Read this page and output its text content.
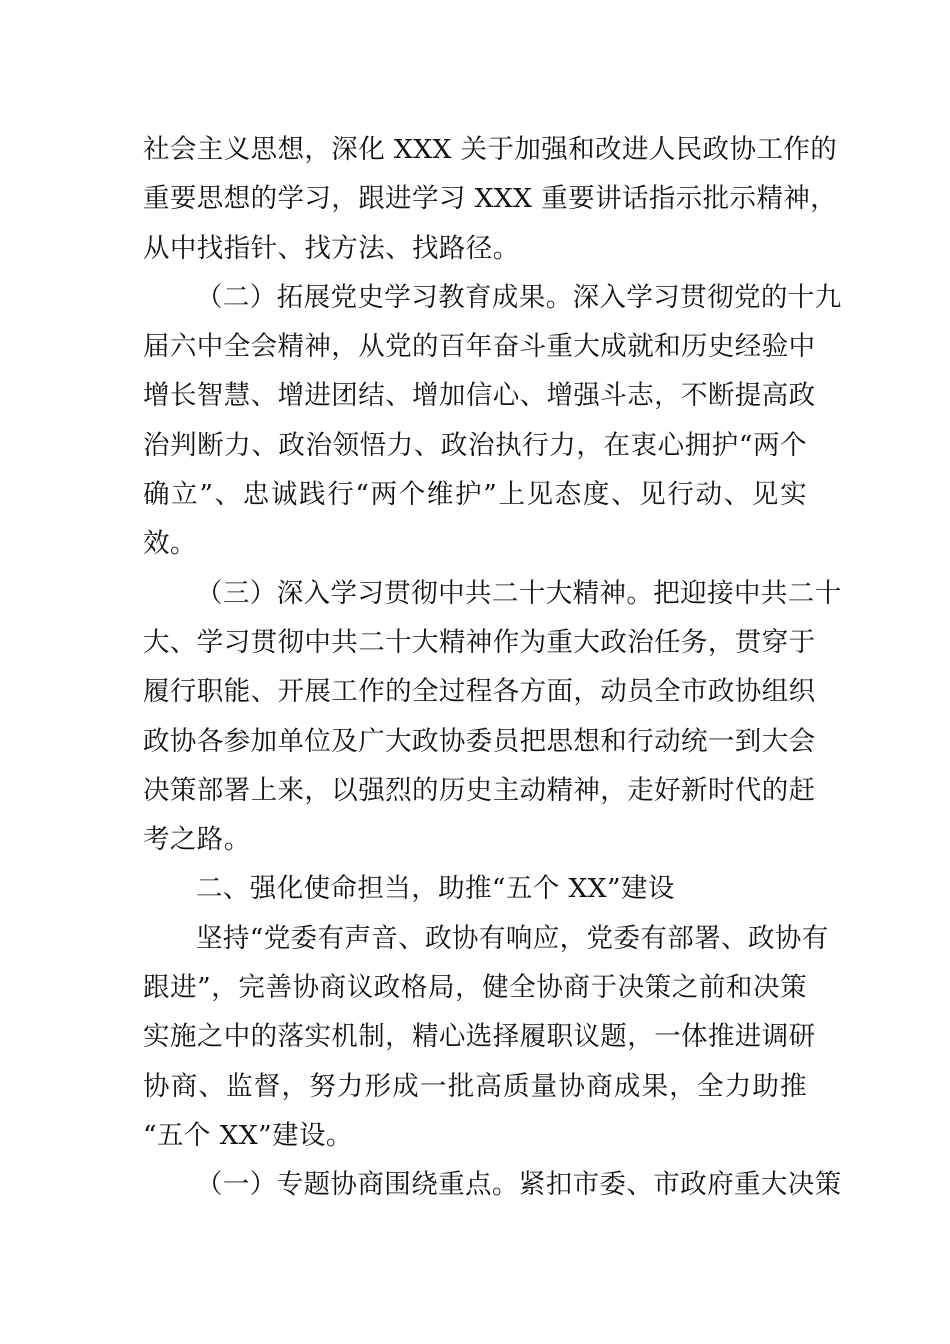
社会主义思想，深化 XXX 关于加强和改进人民政协工作的
重要思想的学习，跟进学习 XXX 重要讲话指示批示精神，
从中找指针、找方法、找路径。

（二）拓展党史学习教育成果。深入学习贯彻党的十九
届六中全会精神，从党的百年奋斗重大成就和历史经验中
增长智慧、增进团结、增加信心、增强斗志，不断提高政
治判断力、政治领悟力、政治执行力，在衷心拥护“两个
确立”、忠诚践行“两个维护”上见态度、见行动、见实
效。

（三）深入学习贯彻中共二十大精神。把迎接中共二十
大、学习贯彻中共二十大精神作为重大政治任务，贯穿于
履行职能、开展工作的全过程各方面，动员全市政协组织
政协各参加单位及广大政协委员把思想和行动统一到大会
决策部署上来，以强烈的历史主动精神，走好新时代的赶
考之路。

二、强化使命担当，助推“五个 XX”建设

坚持“党委有声音、政协有响应，党委有部署、政协有
跟进”，完善协商议政格局，健全协商于决策之前和决策
实施之中的落实机制，精心选择履职议题，一体推进调研
协商、监督，努力形成一批高质量协商成果，全力助推
“五个 XX”建设。

（一）专题协商围绕重点。紧扣市委、市政府重大决策
